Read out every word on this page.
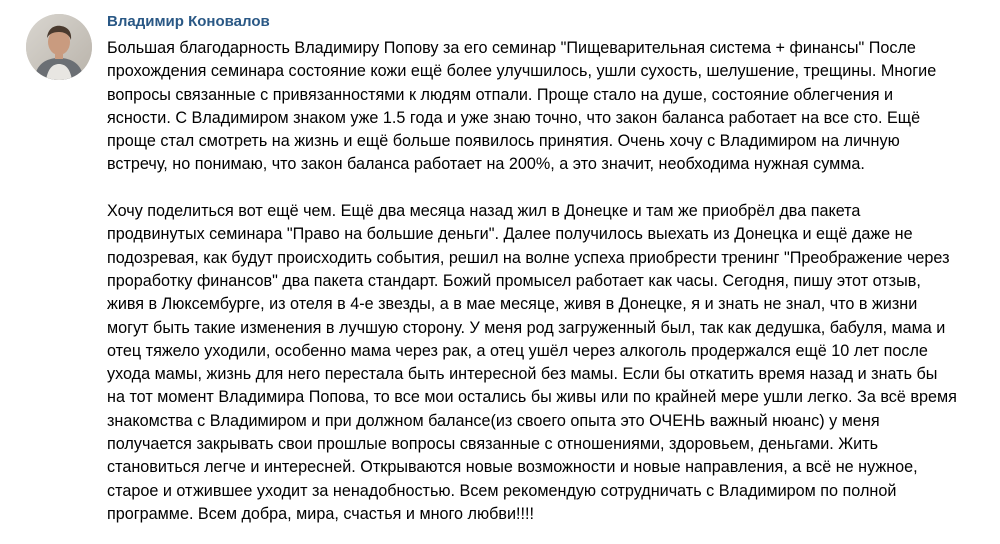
Владимир Коновалов
Большая благодарность Владимиру Попову за его семинар "Пищеварительная система + финансы" После
прохождения семинара состояние кожи ещё более улучшилось, ушли сухость, шелушение, трещины. Многие
вопросы связанные с привязанностями к людям отпали. Проще стало на душе, состояние облегчения и
ясности. С Владимиром знаком уже 1.5 года и уже знаю точно, что закон баланса работает на все сто. Ещё
проще стал смотреть на жизнь и ещё больше появилось принятия. Очень хочу с Владимиром на личную
встречу, но понимаю, что закон баланса работает на 200%, а это значит, необходима нужная сумма.
Хочу поделиться вот ещё чем. Ещё два месяца назад жил в Донецке и там же приобрёл два пакета
продвинутых семинара "Право на большие деньги". Далее получилось выехать из Донецка и ещё даже не
подозревая, как будут происходить события, решил на волне успеха приобрести тренинг "Преображение через
проработку финансов" два пакета стандарт. Божий промысел работает как часы. Сегодня, пишу этот отзыв,
живя в Люксембурге, из отеля в 4-е звезды, а в мае месяце, живя в Донецке, я и знать не знал, что в жизни
могут быть такие изменения в лучшую сторону. У меня род загруженный был, так как дедушка, бабуля, мама и
отец тяжело уходили, особенно мама через рак, а отец ушёл через алкоголь продержался ещё 10 лет после
ухода мамы, жизнь для него перестала быть интересной без мамы. Если бы откатить время назад и знать бы
на тот момент Владимира Попова, то все мои остались бы живы или по крайней мере ушли легко. За всё время
знакомства с Владимиром и при должном балансе(из своего опыта это ОЧЕНЬ важный нюанс) у меня
получается закрывать свои прошлые вопросы связанные с отношениями, здоровьем, деньгами. Жить
становиться легче и интересней. Открываются новые возможности и новые направления, а всё не нужное,
старое и отжившее уходит за ненадобностью. Всем рекомендую сотрудничать с Владимиром по полной
программе. Всем добра, мира, счастья и много любви!!!!
